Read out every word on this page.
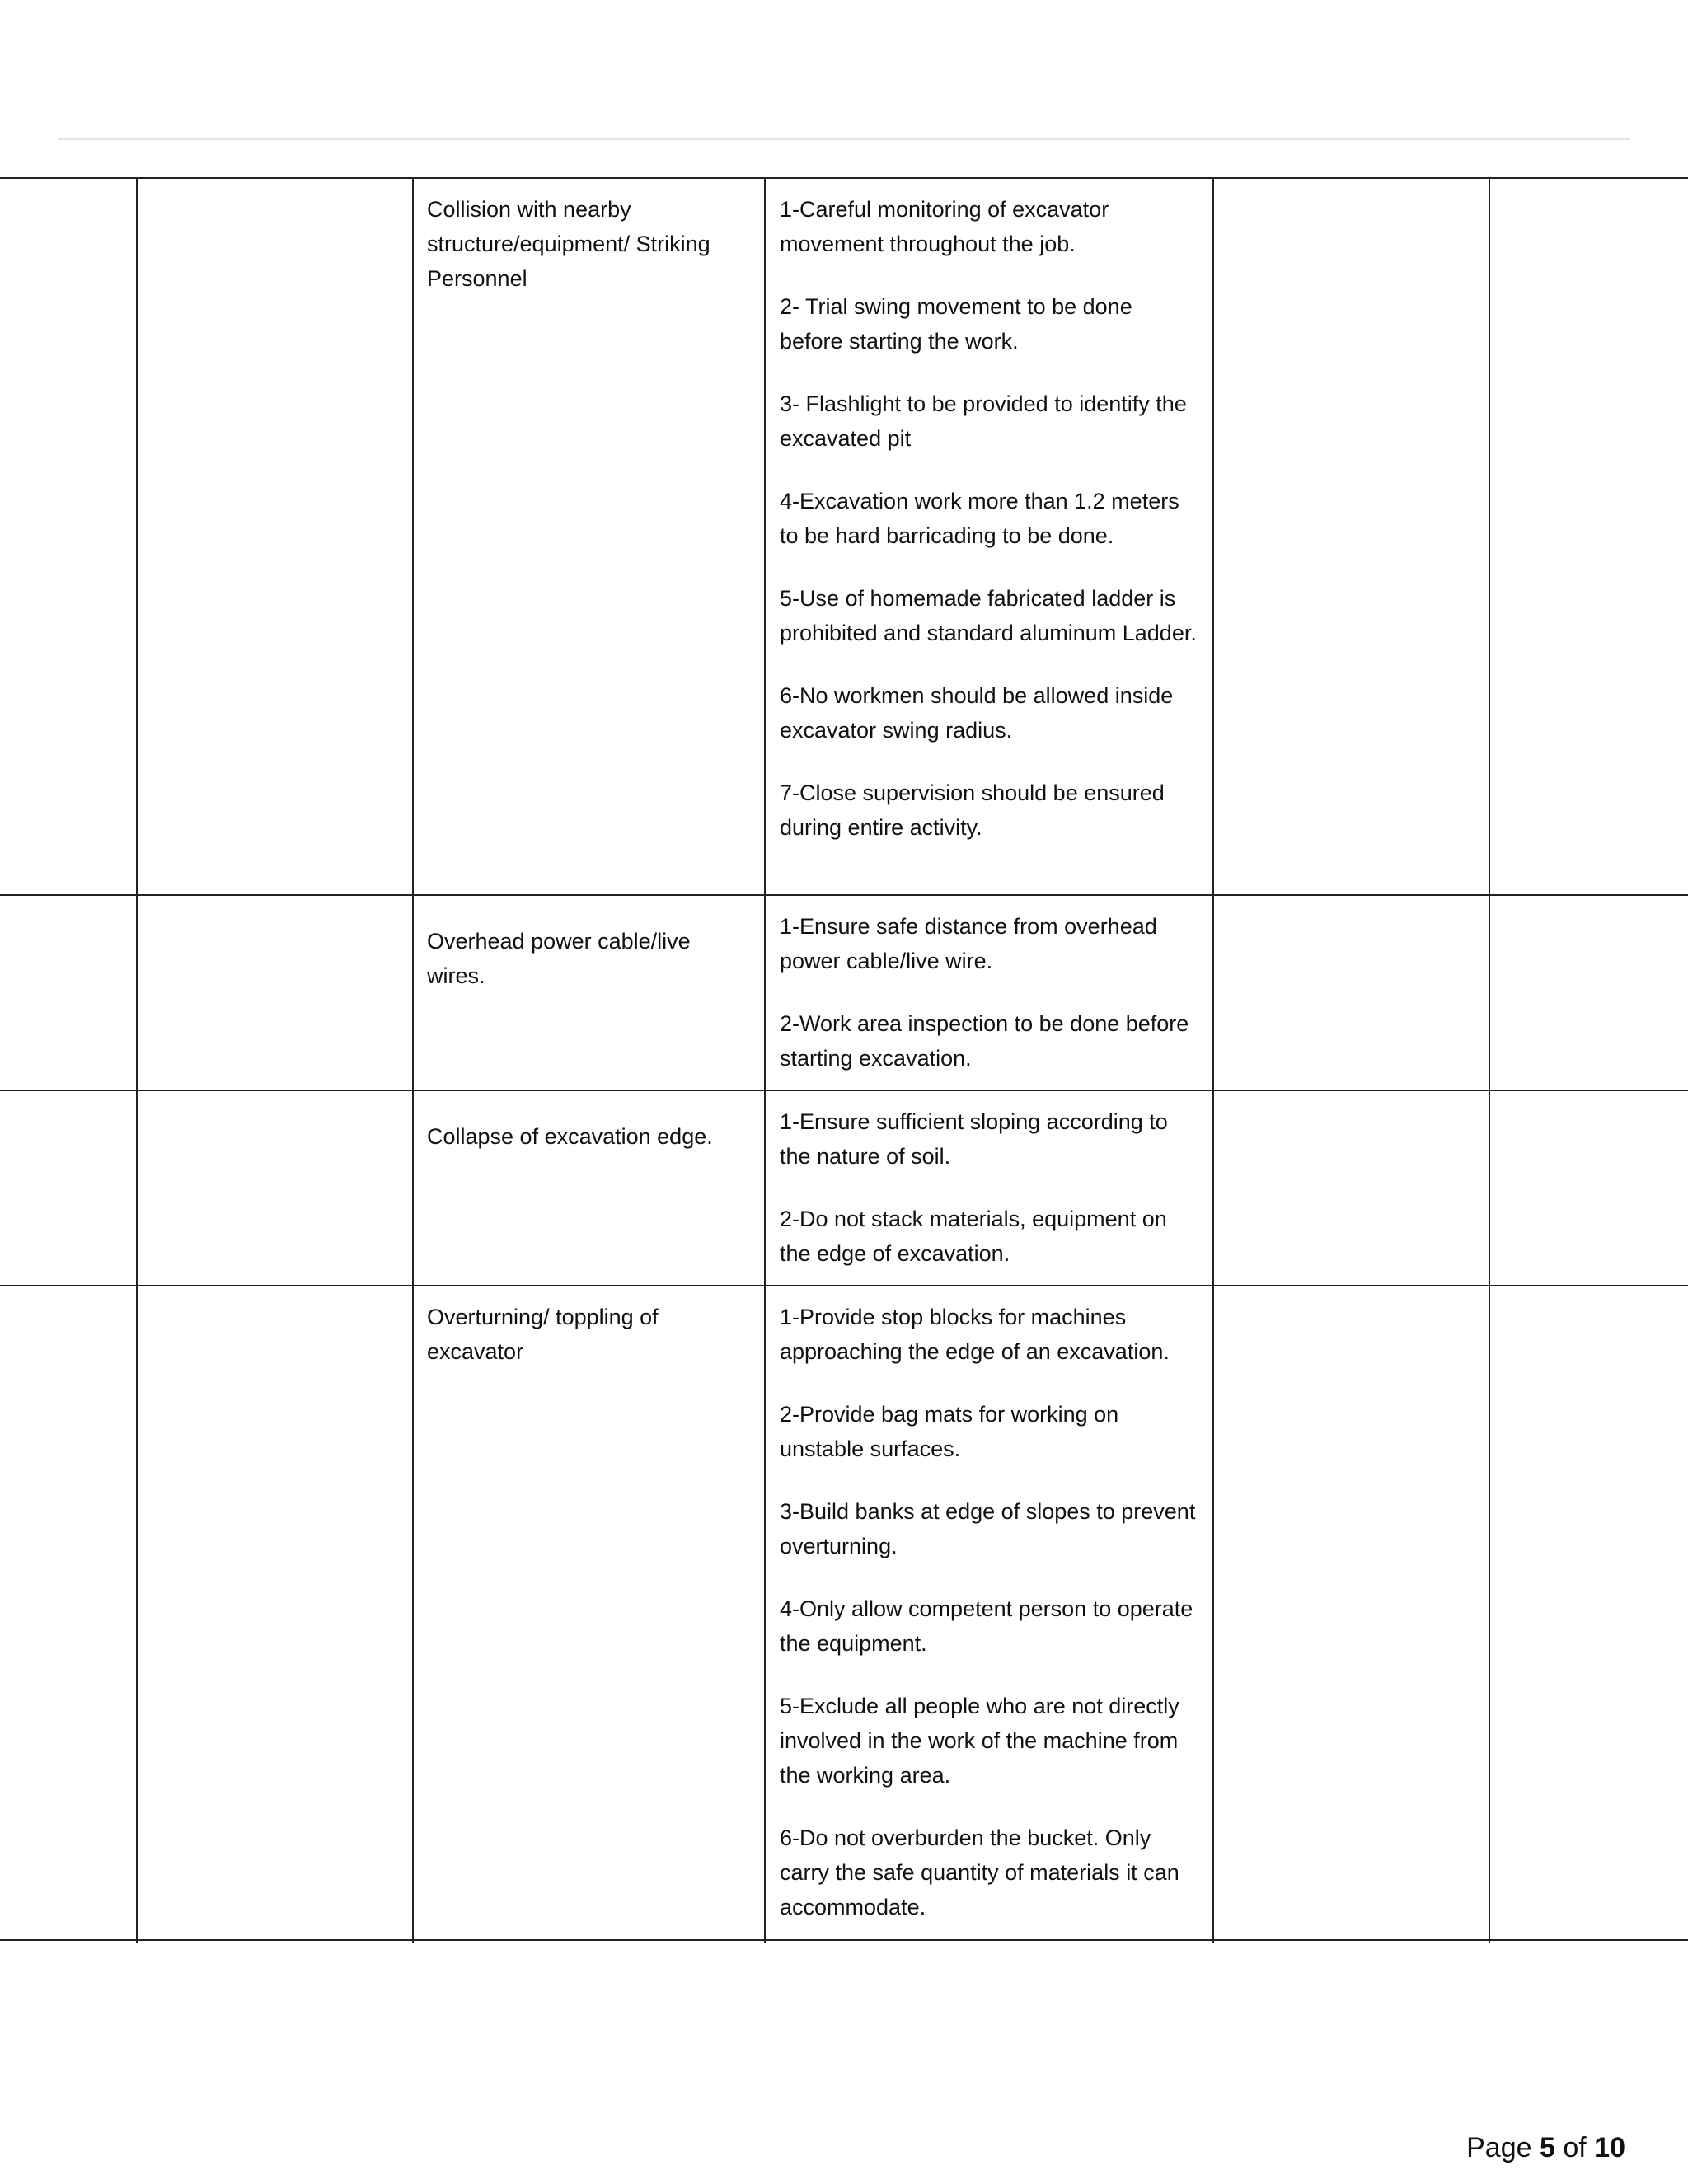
Collision with nearby structure/equipment/ Striking Personnel

1-Careful monitoring of excavator movement throughout the job.

2- Trial swing movement to be done before starting the work.

3- Flashlight to be provided to identify the excavated pit

4-Excavation work more than 1.2 meters to be hard barricading to be done.

5-Use of homemade fabricated ladder is prohibited and standard aluminum Ladder.

6-No workmen should be allowed inside excavator swing radius.

7-Close supervision should be ensured during entire activity.

Overhead power cable/live wires.

1-Ensure safe distance from overhead power cable/live wire.

2-Work area inspection to be done before starting excavation.

Collapse of excavation edge.

1-Ensure sufficient sloping according to the nature of soil.

2-Do not stack materials, equipment on the edge of excavation.

Overturning/ toppling of excavator

1-Provide stop blocks for machines approaching the edge of an excavation.

2-Provide bag mats for working on unstable surfaces.

3-Build banks at edge of slopes to prevent overturning.

4-Only allow competent person to operate the equipment.

5-Exclude all people who are not directly involved in the work of the machine from the working area.

6-Do not overburden the bucket. Only carry the safe quantity of materials it can accommodate.

Page 5 of 10
